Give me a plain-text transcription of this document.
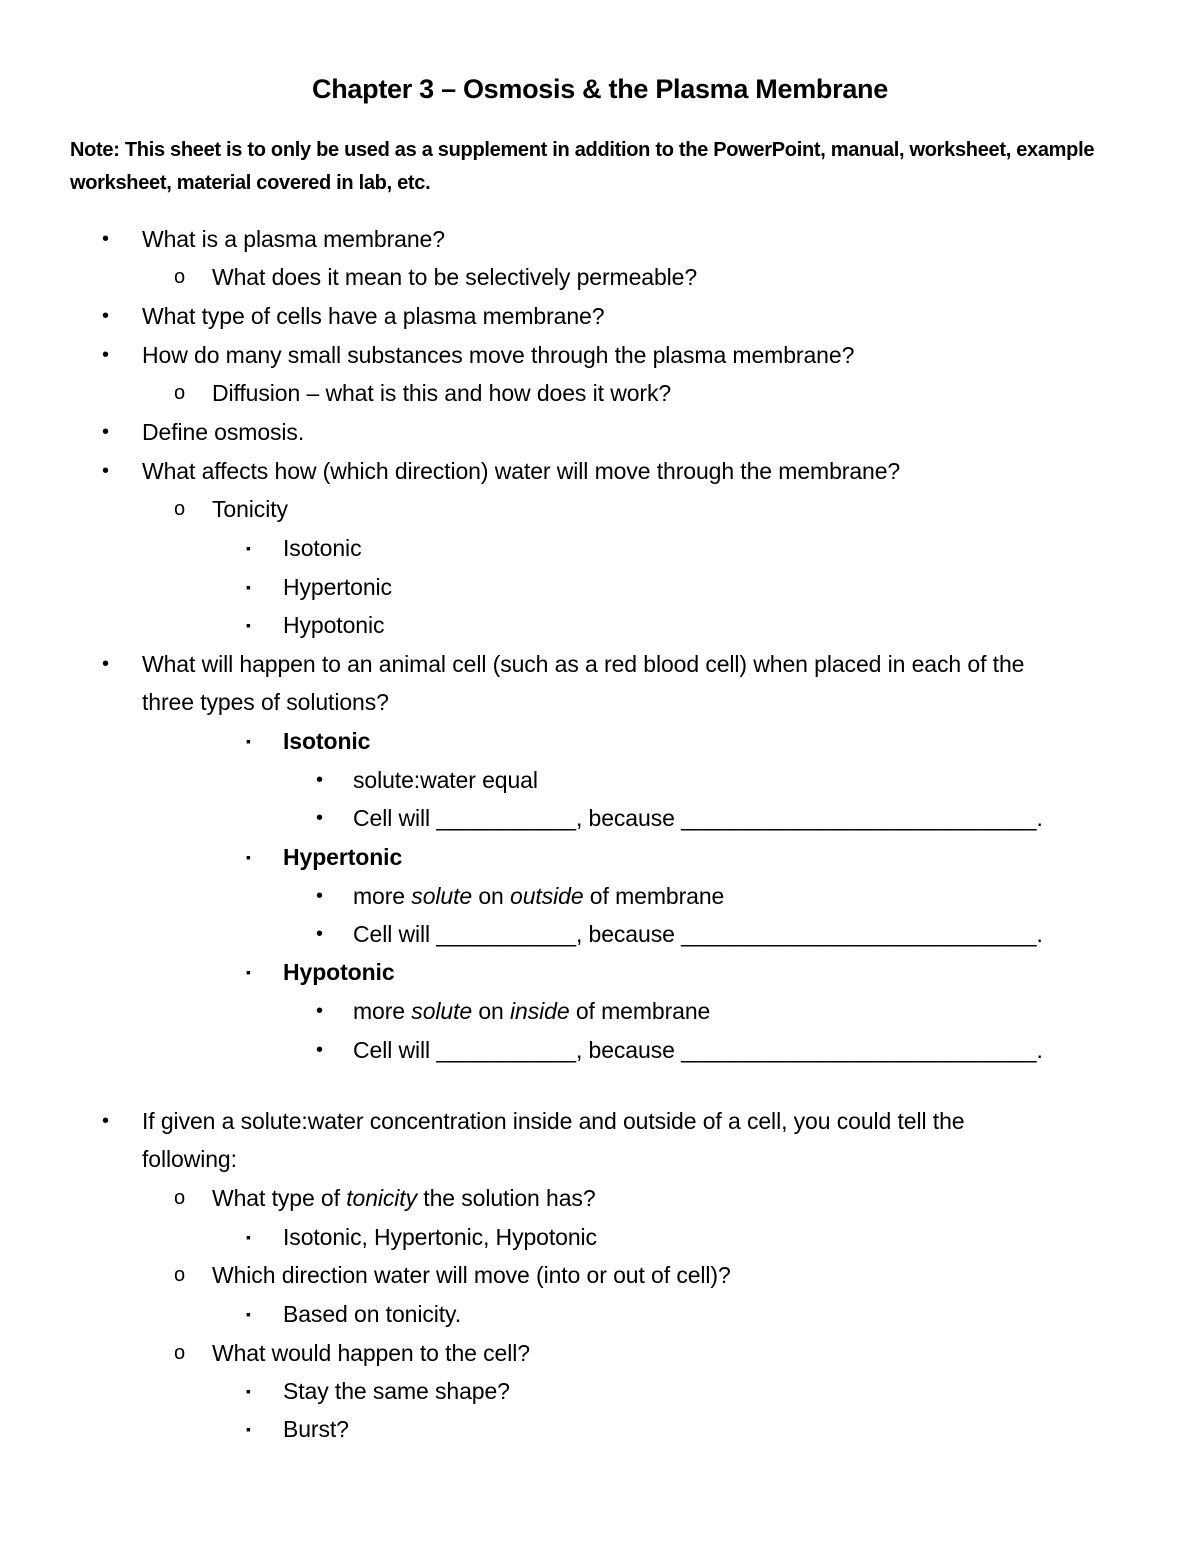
Chapter 3 – Osmosis & the Plasma Membrane
Note: This sheet is to only be used as a supplement in addition to the PowerPoint, manual, worksheet, example worksheet, material covered in lab, etc.
• What is a plasma membrane?
o What does it mean to be selectively permeable?
• What type of cells have a plasma membrane?
• How do many small substances move through the plasma membrane?
o Diffusion – what is this and how does it work?
• Define osmosis.
• What affects how (which direction) water will move through the membrane?
o Tonicity
▪ Isotonic
▪ Hypertonic
▪ Hypotonic
• What will happen to an animal cell (such as a red blood cell) when placed in each of the
three types of solutions?
▪ Isotonic
• solute:water equal
• Cell will ___________, because ____________________________.
▪ Hypertonic
• more solute on outside of membrane
• Cell will ___________, because ____________________________.
▪ Hypotonic
• more solute on inside of membrane
• Cell will ___________, because ____________________________.
• If given a solute:water concentration inside and outside of a cell, you could tell the
following:
o What type of tonicity the solution has?
▪ Isotonic, Hypertonic, Hypotonic
o Which direction water will move (into or out of cell)?
▪ Based on tonicity.
o What would happen to the cell?
▪ Stay the same shape?
▪ Burst?
